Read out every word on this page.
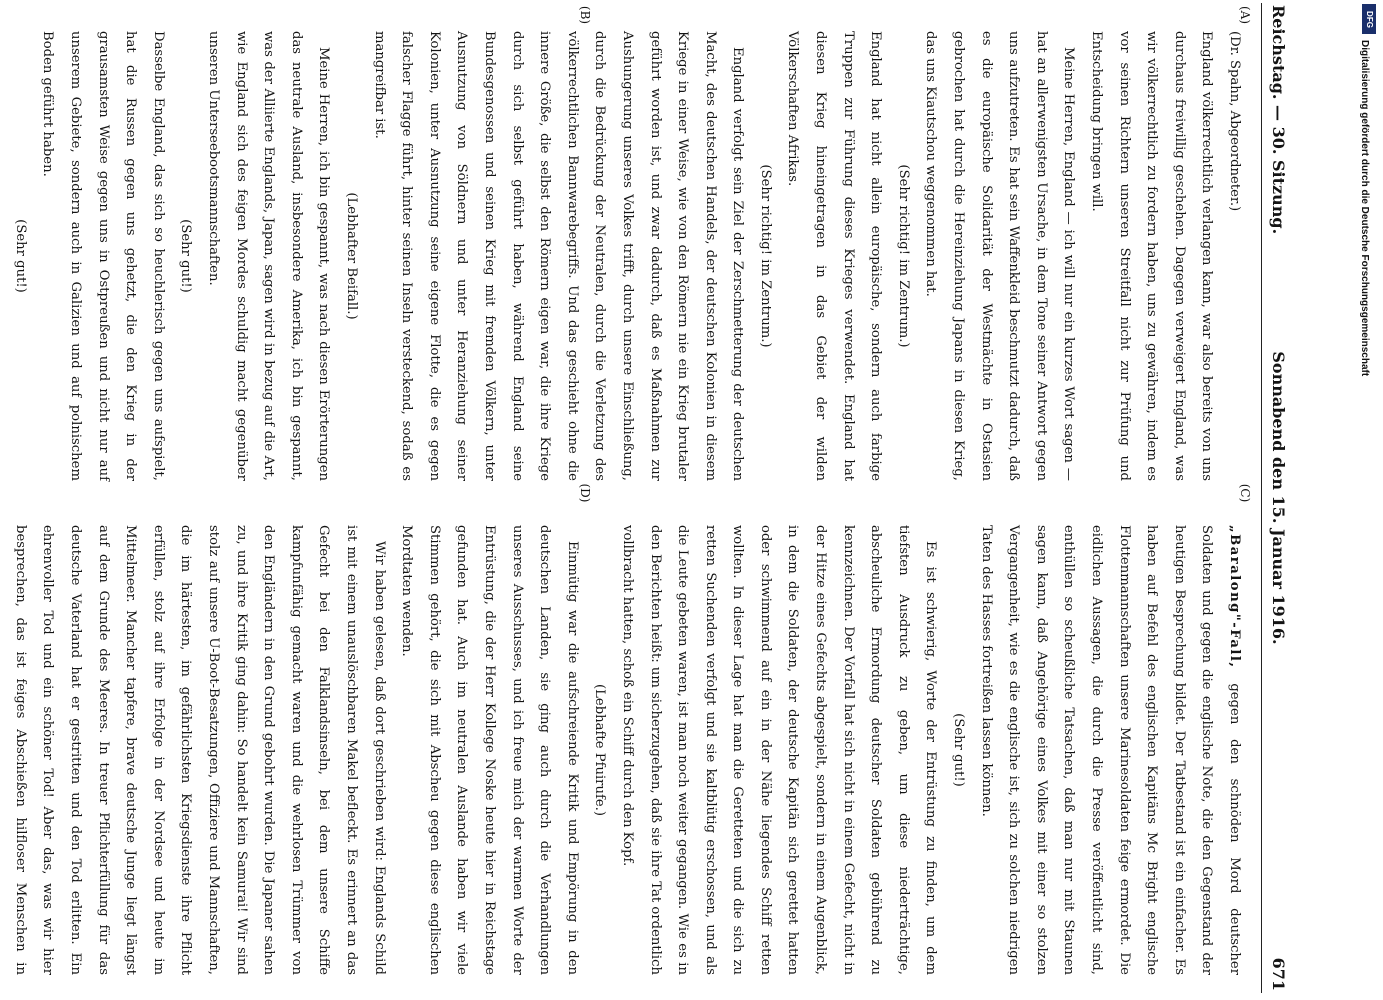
Reichstag. — 30. Sitzung.
Sonnabend den 15. Januar 1916.
671
(A)
(B)
(C)
(D)

(Dr. Spahn, Abgeordneter.)

England völkerrechtlich verlangen kann, war also bereits von uns durchaus freiwillig geschehen. Dagegen verweigert England, was wir völkerrechtlich zu fordern haben, uns zu gewähren, indem es vor seinen Richtern unseren Streitfall nicht zur Prüfung und Entscheidung bringen will.

Meine Herren, England — ich will nur ein kurzes Wort sagen — hat an allerwenigsten Ursache, in dem Tone seiner Antwort gegen uns aufzutreten. Es hat sein Waffenkleid beschmutzt dadurch, daß es die europäische Solidarität der Westmächte in Ostasien gebrochen hat durch die Hereinziehung Japans in diesen Krieg, das uns Kiautschou weggenommen hat.

(Sehr richtig! im Zentrum.)

England hat nicht allein europäische, sondern auch farbige Truppen zur Führung dieses Krieges verwendet. England hat diesen Krieg hineingetragen in das Gebiet der wilden Völkerschaften Afrikas.

(Sehr richtig! im Zentrum.)

England verfolgt sein Ziel der Zerschmetterung der deutschen Macht, des deutschen Handels, der deutschen Kolonien in diesem Kriege in einer Weise, wie von den Römern nie ein Krieg brutaler geführt worden ist, und zwar dadurch, daß es Maßnahmen zur Aushungerung unseres Volkes trifft, durch unsere Einschließung, durch die Bedrückung der Neutralen, durch die Verletzung des völkerrechtlichen Bannwarebegriffs. Und das geschieht ohne die innere Größe, die selbst den Römern eigen war, die ihre Kriege durch sich selbst geführt haben, während England seine Bundesgenossen und seinen Krieg mit fremden Völkern, unter Ausnutzung von Söldnern und unter Heranziehung seiner Kolonien, unter Ausnutzung seine eigene Flotte, die es gegen falscher Flagge führt, hinter seinen Inseln versteckend, sodaß es mangreifbar ist.

(Lebhafter Beifall.)

Meine Herren, ich bin gespannt, was nach diesen Erörterungen das neutrale Ausland, insbesondere Amerika, ich bin gespannt, was der Alliierte Englands, Japan, sagen wird in bezug auf die Art, wie England sich des feigen Mordes schuldig macht gegenüber unseren Unterseebootsmannschaften.

(Sehr gut!)

Dasselbe England, das sich so heuchlerisch gegen uns aufspielt, hat die Russen gegen uns gehetzt, die den Krieg in der grausamsten Weise gegen uns in Ostpreußen und nicht nur auf unserem Gebiete, sondern auch in Galizien und auf polnischem Boden geführt haben.

(Sehr gut!)

„Baralong"-Fall, gegen den schnöden Mord deutscher Soldaten und gegen die englische Note, die den Gegenstand der heutigen Besprechung bildet. Der Tatbestand ist ein einfacher. Es haben auf Befehl des englischen Kapitäns Mc Bright englische Flottenmannschaften unsere Marinesoldaten feige ermordet. Die eidlichen Aussagen, die durch die Presse veröffentlicht sind, enthüllen so scheußliche Tatsachen, daß man nur mit Staunen sagen kann, daß Angehörige eines Volkes mit einer so stolzen Vergangenheit, wie es die englische ist, sich zu solchen niedrigen Taten des Hasses fortreißen lassen können.

(Sehr gut!)

Es ist schwierig, Worte der Entrüstung zu finden, um dem tiefsten Ausdruck zu geben, um diese niederträchtige, abscheuliche Ermordung deutscher Soldaten gebührend zu kennzeichnen. Der Vorfall hat sich nicht in einem Gefecht, nicht in der Hitze eines Gefechts abgespielt, sondern in einem Augenblick, in dem die Soldaten, der deutsche Kapitän sich gerettet hatten oder schwimmend auf ein in der Nähe liegendes Schiff retten wollten. In dieser Lage hat man die Geretteten und die sich zu retten Suchenden verfolgt und sie kaltblütig erschossen, und als die Leute gebeten waren, ist man noch weiter gegangen. Wie es in den Berichten heißt: um sicherzugehen, daß sie ihre Tat ordentlich vollbracht hatten, schoß ein Schiff durch den Kopf.

(Lebhafte Pfuirufe.)

Einmütig war die aufschreiende Kritik und Empörung in den deutschen Landen, sie ging auch durch die Verhandlungen unseres Ausschusses, und ich freue mich der warmen Worte der Entrüstung, die der Herr Kollege Noske heute hier in Reichstage gefunden hat. Auch im neutralen Auslande haben wir viele Stimmen gehört, die sich mit Abscheu gegen diese englischen Mordtaten wenden.

Wir haben gelesen, daß dort geschrieben wird: Englands Schild ist mit einem unauslöschbaren Makel befleckt. Es erinnert an das Gefecht bei den Falklandsinseln, bei dem unsere Schiffe kampfunfähig gemacht waren und die wehrlosen Trümmer von den Engländern in den Grund gebohrt wurden. Die Japaner sahen zu, und ihre Kritik ging dahin: So handelt kein Samurai! Wir sind stolz auf unsere U-Boot-Besatzungen, Offiziere und Mannschaften, die im härtesten, im gefährlichsten Kriegsdienste ihre Pflicht erfüllen, stolz auf ihre Erfolge in der Nordsee und heute im Mittelmeer. Mancher tapfere, brave deutsche Junge liegt längst auf dem Grunde des Meeres. In treuer Pflichterfüllung für das deutsche Vaterland hat er gestritten und den Tod erlitten. Ein ehrenvoller Tod und ein schöner Tod! Aber das, was wir hier besprechen, das ist feiges Abschießen hilfloser Menschen in

DFG
Digitalisierung gefördert durch die Deutsche Forschungsgemeinschaft
